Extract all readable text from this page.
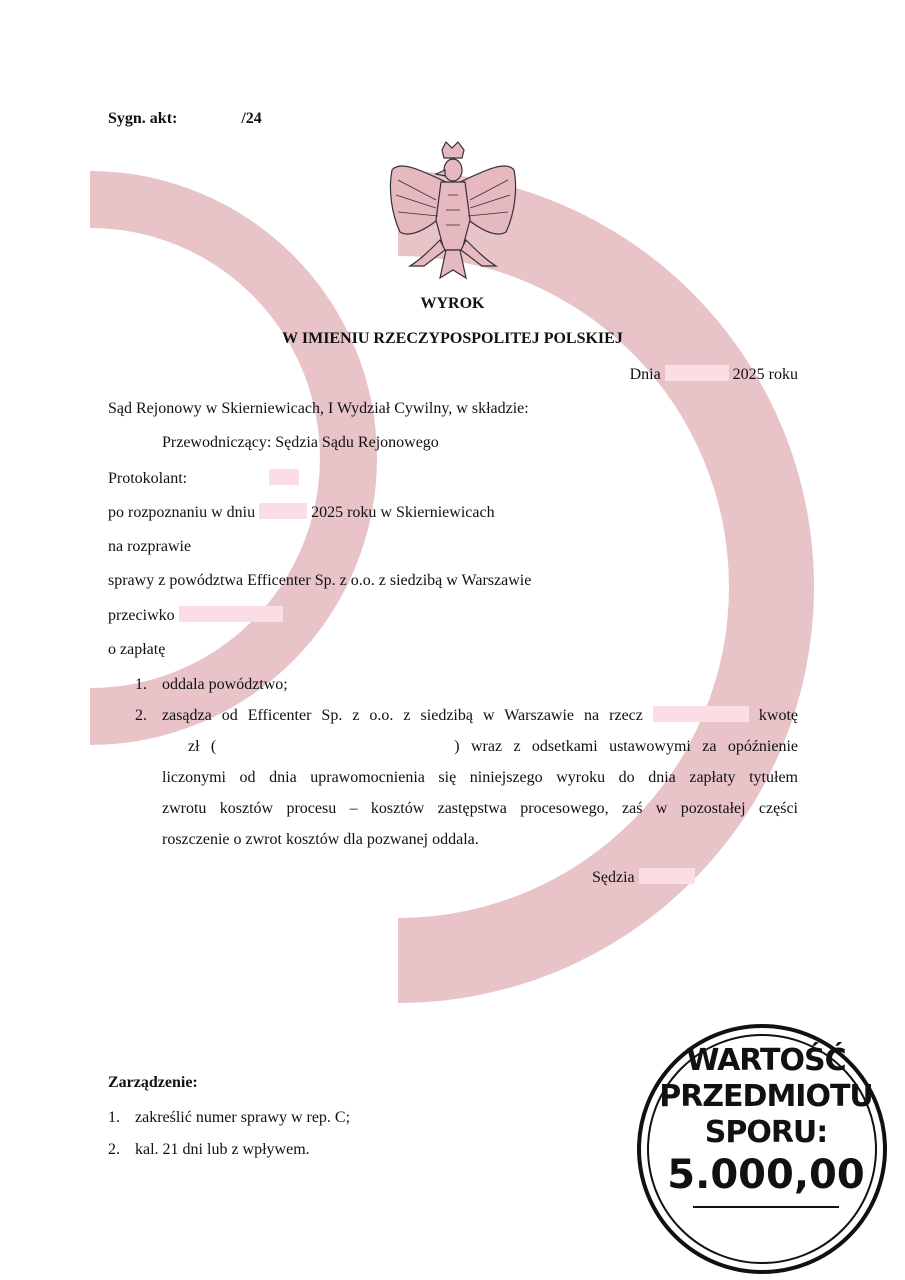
Sygn. akt:	/24
WYROK
W IMIENIU RZECZYPOSPOLITEJ POLSKIEJ
Dnia	2025 roku
Sąd Rejonowy w Skierniewicach, I Wydział Cywilny, w składzie:
Przewodniczący: Sędzia Sądu Rejonowego
Protokolant:
po rozpoznaniu w dniu	2025 roku w Skierniewicach
na rozprawie
sprawy z powództwa Efficenter Sp. z o.o. z siedzibą w Warszawie
przeciwko
o zapłatę
1. oddala powództwo;
2. zasądza od Efficenter Sp. z o.o. z siedzibą w Warszawie na rzecz	kwotę
zł (	) wraz z odsetkami ustawowymi za opóźnienie
liczonymi od dnia uprawomocnienia się niniejszego wyroku do dnia zapłaty tytułem
zwrotu kosztów procesu – kosztów zastępstwa procesowego, zaś w pozostałej części
roszczenie o zwrot kosztów dla pozwanej oddala.
Sędzia
Zarządzenie:
1. zakreślić numer sprawy w rep. C;
2. kal. 21 dni lub z wpływem.
WARTOŚĆ
PRZEDMIOTU
SPORU:
5.000,00
